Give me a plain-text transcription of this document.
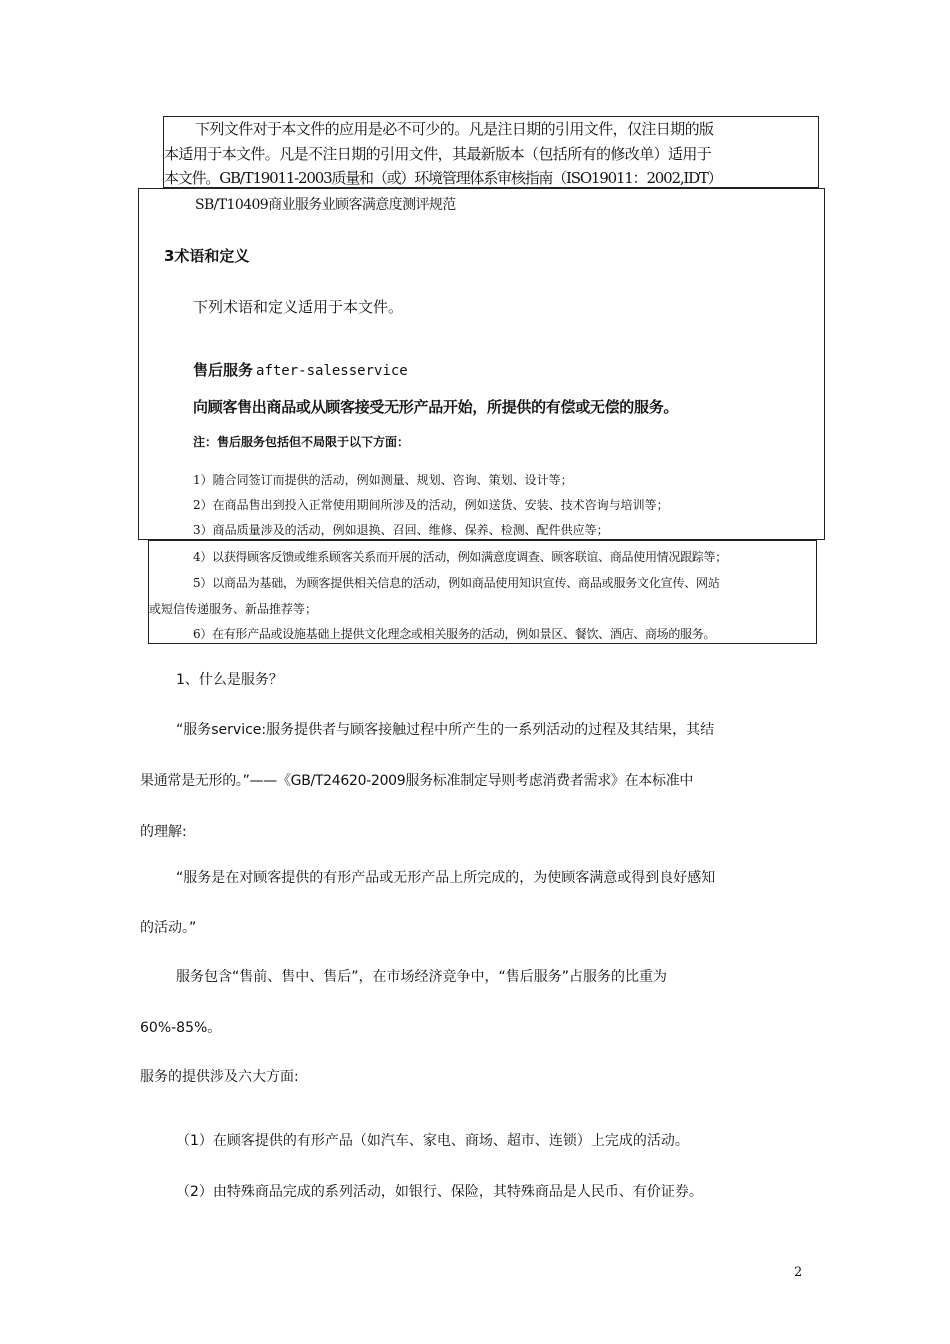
下列文件对于本文件的应用是必不可少的。凡是注日期的引用文件，仅注日期的版
本适用于本文件。凡是不注日期的引用文件，其最新版本（包括所有的修改单）适用于
本文件。GB/T19011-2003质量和（或）环境管理体系审核指南（ISO19011：2002,IDT）
SB/T10409商业服务业顾客满意度测评规范
3术语和定义
下列术语和定义适用于本文件。
售后服务 after-salesservice
向顾客售出商品或从顾客接受无形产品开始，所提供的有偿或无偿的服务。
注：售后服务包括但不局限于以下方面：
1）随合同签订而提供的活动，例如测量、规划、咨询、策划、设计等；
2）在商品售出到投入正常使用期间所涉及的活动，例如送货、安装、技术咨询与培训等；
3）商品质量涉及的活动，例如退换、召回、维修、保养、检测、配件供应等；
4）以获得顾客反馈或维系顾客关系而开展的活动，例如满意度调查、顾客联谊、商品使用情况跟踪等；
5）以商品为基础，为顾客提供相关信息的活动，例如商品使用知识宣传、商品或服务文化宣传、网站
或短信传递服务、新品推荐等；
6）在有形产品或设施基础上提供文化理念或相关服务的活动，例如景区、餐饮、酒店、商场的服务。
1、什么是服务？
“服务service:服务提供者与顾客接触过程中所产生的一系列活动的过程及其结果，其结
果通常是无形的。”——《GB/T24620-2009服务标准制定导则考虑消费者需求》在本标准中
的理解:
“服务是在对顾客提供的有形产品或无形产品上所完成的，为使顾客满意或得到良好感知
的活动。”
服务包含“售前、售中、售后”，在市场经济竞争中，“售后服务”占服务的比重为
60%-85%。
服务的提供涉及六大方面:
（1）在顾客提供的有形产品（如汽车、家电、商场、超市、连锁）上完成的活动。
（2）由特殊商品完成的系列活动，如银行、保险，其特殊商品是人民币、有价证券。
2
